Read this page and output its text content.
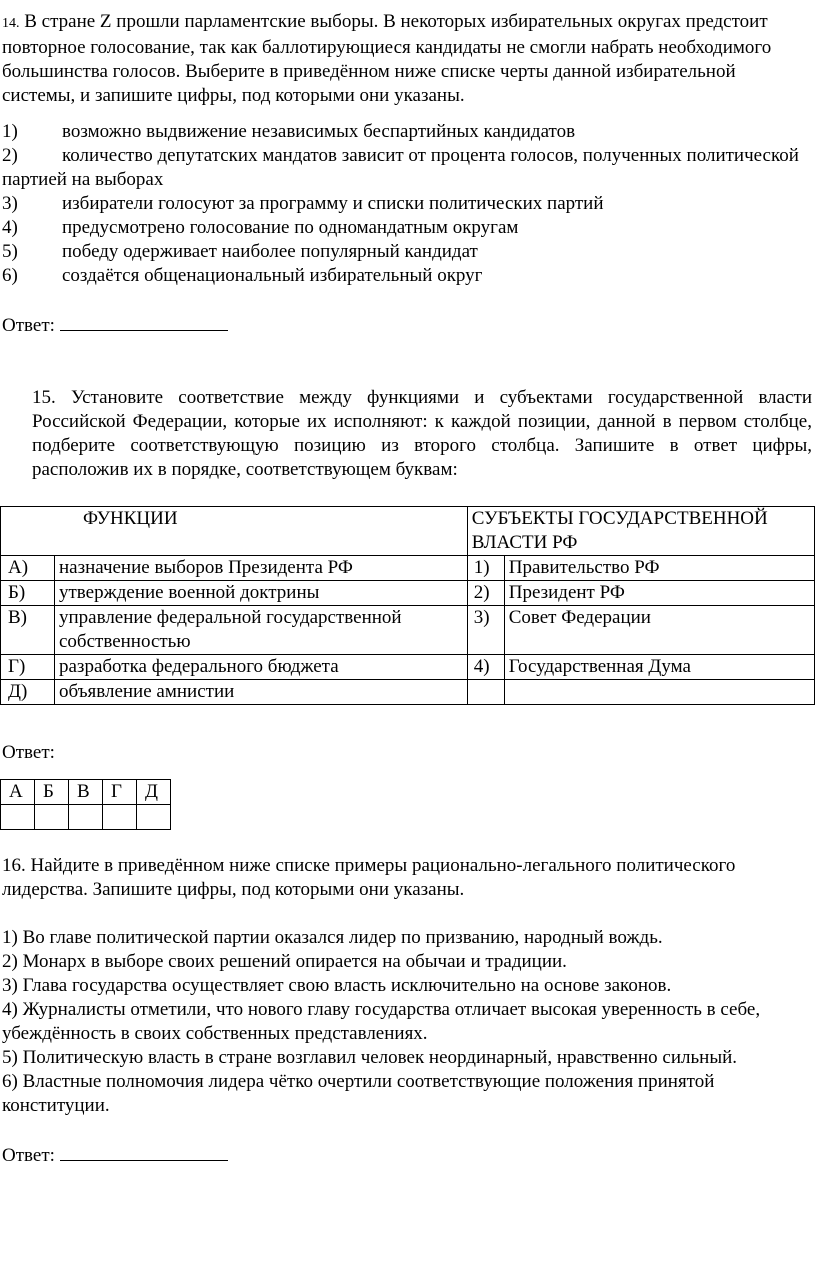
14. В стране Z прошли парламентские выборы. В некоторых избирательных округах предстоит повторное голосование, так как баллотирующиеся кандидаты не смогли набрать необходимого большинства голосов. Выберите в приведённом ниже списке черты данной избирательной системы, и запишите цифры, под которыми они указаны.

1)	возможно выдвижение независимых беспартийных кандидатов
2) количество депутатских мандатов зависит от процента голосов, полученных политической партией на выборах
3)	избиратели голосуют за программу и списки политических партий
4)	предусмотрено голосование по одномандатным округам
5)	победу одерживает наиболее популярный кандидат
6)	создаётся общенациональный избирательный округ

Ответ:

15. Установите соответствие между функциями и субъектами государственной власти Российской Федерации, которые их исполняют: к каждой позиции, данной в первом столбце, подберите соответствующую позицию из второго столбца. Запишите в ответ цифры, расположив их в порядке, соответствующем буквам:

ФУНКЦИИ		СУБЪЕКТЫ ГОСУДАРСТВЕННОЙ ВЛАСТИ РФ	
А)	назначение выборов Президента РФ	1)	Правительство РФ
Б)	утверждение военной доктрины	2)	Президент РФ
В)	управление федеральной государственной собственностью	3)	Совет Федерации
Г)	разработка федерального бюджета	4)	Государственная Дума
Д)	объявление амнистии		

Ответ:

А	Б	В	Г	Д

16. Найдите в приведённом ниже списке примеры рационально-легального политического лидерства. Запишите цифры, под которыми они указаны.

1) Во главе политической партии оказался лидер по призванию, народный вождь.

2) Монарх в выборе своих решений опирается на обычаи и традиции.

3) Глава государства осуществляет свою власть исключительно на основе законов.

4) Журналисты отметили, что нового главу государства отличает высокая уверенность в себе, убеждённость в своих собственных представлениях.

5) Политическую власть в стране возглавил человек неординарный, нравственно сильный.

6) Властные полномочия лидера чётко очертили соответствующие положения принятой конституции.

Ответ:
